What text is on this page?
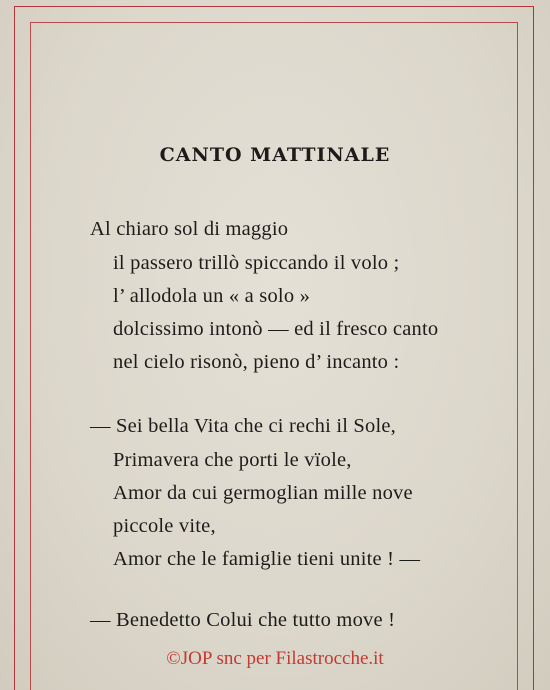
CANTO MATTINALE
Al chiaro sol di maggio
il passero trillò spiccando il volo ;
l’ allodola un « a solo »
dolcissimo intonò — ed il fresco canto
nel cielo risonò, pieno d’ incanto :
— Sei bella Vita che ci rechi il Sole,
Primavera che porti le vïole,
Amor da cui germoglian mille nove
piccole vite,
Amor che le famiglie tieni unite ! —
— Benedetto Colui che tutto move !
©JOP snc per Filastrocche.it
